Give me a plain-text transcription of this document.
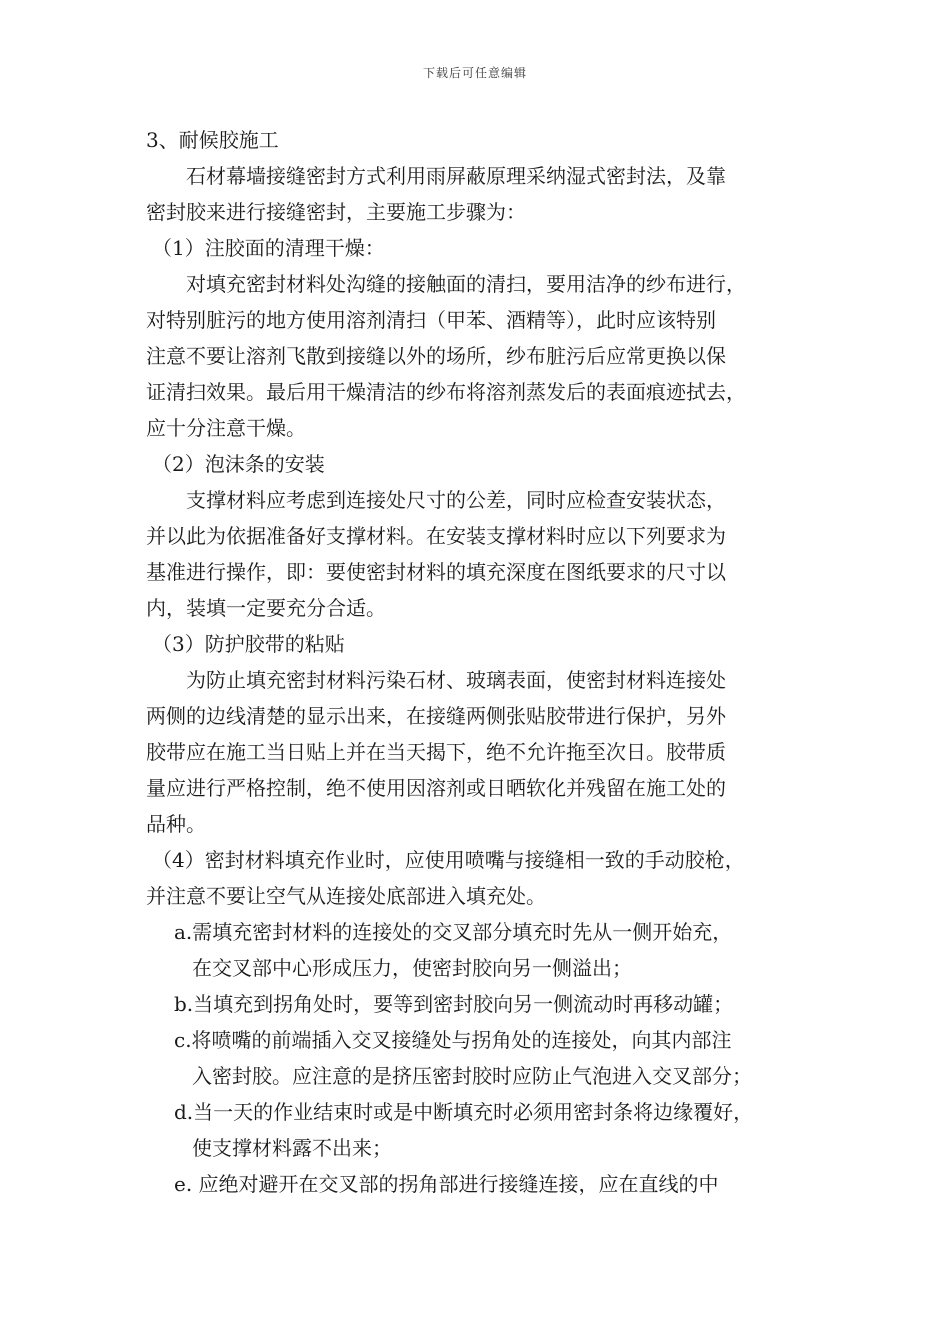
下载后可任意编辑

3、耐候胶施工

石材幕墙接缝密封方式利用雨屏蔽原理采纳湿式密封法，及靠

密封胶来进行接缝密封，主要施工步骤为：

（1）注胶面的清理干燥：

对填充密封材料处沟缝的接触面的清扫，要用洁净的纱布进行，

对特别脏污的地方使用溶剂清扫（甲苯、酒精等），此时应该特别

注意不要让溶剂飞散到接缝以外的场所，纱布脏污后应常更换以保

证清扫效果。最后用干燥清洁的纱布将溶剂蒸发后的表面痕迹拭去，

应十分注意干燥。

（2）泡沫条的安装

支撑材料应考虑到连接处尺寸的公差，同时应检查安装状态，

并以此为依据准备好支撑材料。在安装支撑材料时应以下列要求为

基准进行操作，即：要使密封材料的填充深度在图纸要求的尺寸以

内，装填一定要充分合适。

（3）防护胶带的粘贴

为防止填充密封材料污染石材、玻璃表面，使密封材料连接处

两侧的边线清楚的显示出来，在接缝两侧张贴胶带进行保护，另外

胶带应在施工当日贴上并在当天揭下，绝不允许拖至次日。胶带质

量应进行严格控制，绝不使用因溶剂或日晒软化并残留在施工处的

品种。

（4）密封材料填充作业时，应使用喷嘴与接缝相一致的手动胶枪，

并注意不要让空气从连接处底部进入填充处。

a.需填充密封材料的连接处的交叉部分填充时先从一侧开始充，

在交叉部中心形成压力，使密封胶向另一侧溢出；

b.当填充到拐角处时，要等到密封胶向另一侧流动时再移动罐；

c.将喷嘴的前端插入交叉接缝处与拐角处的连接处，向其内部注

入密封胶。应注意的是挤压密封胶时应防止气泡进入交叉部分；

d.当一天的作业结束时或是中断填充时必须用密封条将边缘覆好，

使支撑材料露不出来；

e. 应绝对避开在交叉部的拐角部进行接缝连接，应在直线的中
